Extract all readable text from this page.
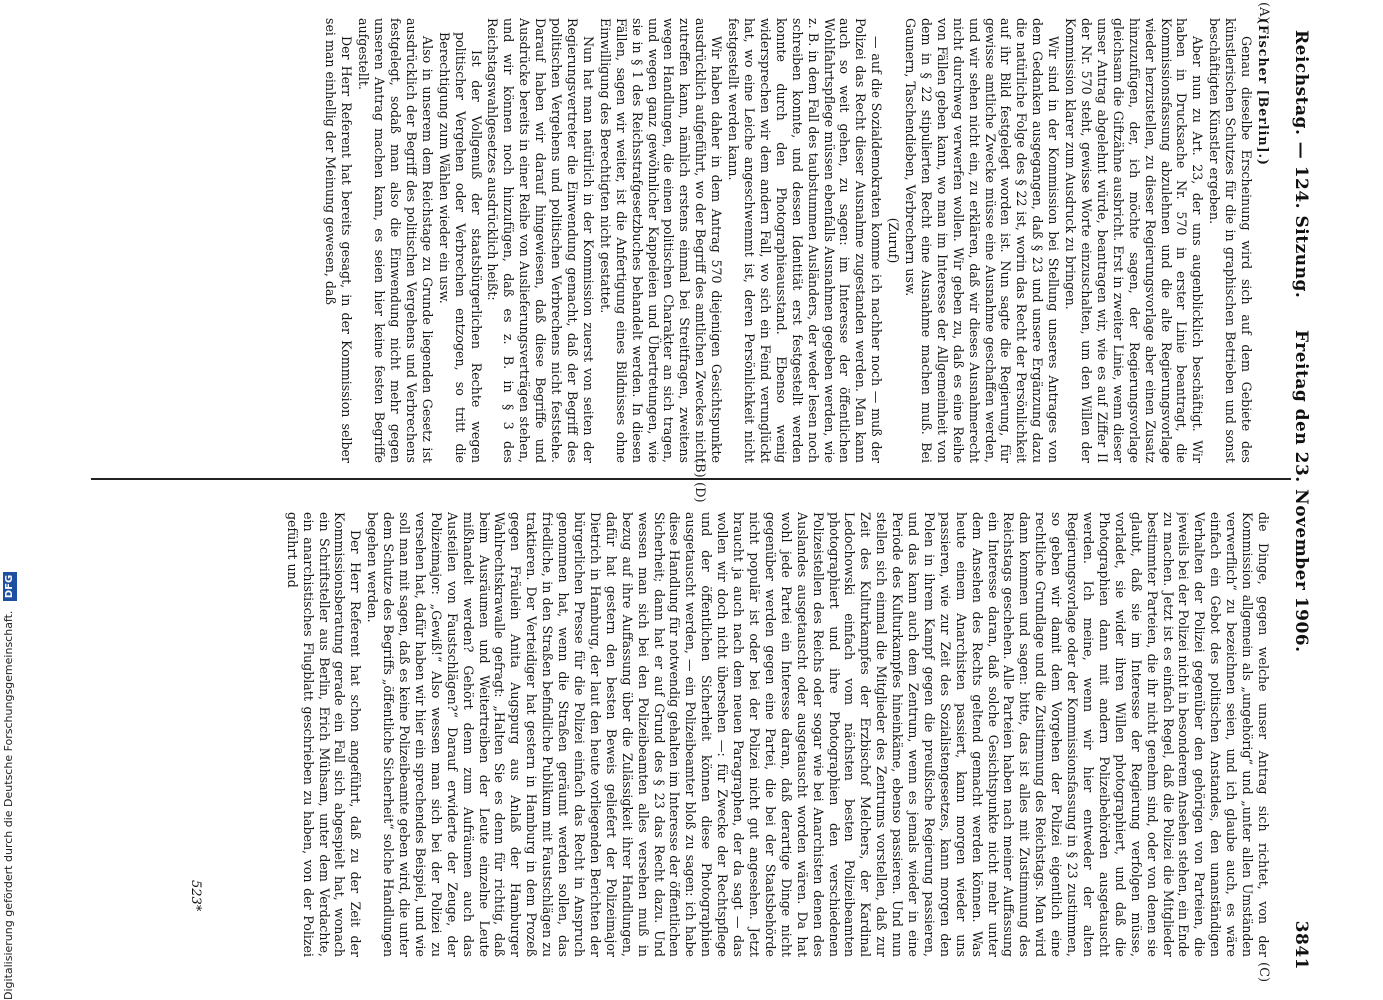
Reichstag. — 124. Sitzung.
Freitag den 23. November 1906.
3841
(A)
(B)
(C)
(D)

(Fischer [Berlin].)

Genau dieselbe Erscheinung wird sich auf dem Gebiete des künstlerischen Schutzes für die in graphischen Betrieben und sonst beschäftigten Künstler ergeben.

Aber nun zu Art. 23, der uns augenblicklich beschäftigt. Wir haben in Drucksache Nr. 570 in erster Linie beantragt, die Kommissionsfassung abzulehnen und die alte Regierungsvorlage wieder herzustellen, zu dieser Regierungsvorlage aber einen Zusatz hinzuzufügen, der, ich möchte sagen, der Regierungsvorlage gleichsam die Giftzähne ausbricht. Erst in zweiter Linie, wenn dieser unser Antrag abgelehnt würde, beantragen wir, wie es auf Ziffer II der Nr. 570 steht, gewisse Worte einzuschalten, um den Willen der Kommission klarer zum Ausdruck zu bringen.

Wir sind in der Kommission bei Stellung unseres Antrages von dem Gedanken ausgegangen, daß § 23 und unsere Ergänzung dazu die natürliche Folge des § 22 ist, worin das Recht der Persönlichkeit auf ihr Bild festgelegt worden ist. Nun sagte die Regierung, für gewisse amtliche Zwecke müsse eine Ausnahme geschaffen werden, und wir sehen nicht ein, zu erklären, daß wir dieses Ausnahmerecht nicht durchweg verwerfen wollen. Wir geben zu, daß es eine Reihe von Fällen geben kann, wo man im Interesse der Allgemeinheit von dem in § 22 stipulierten Recht eine Ausnahme machen muß. Bei Gaunern, Taschendieben, Verbrechern usw.

(Zuruf)

— auf die Sozialdemokraten komme ich nachher noch — muß der Polizei das Recht dieser Ausnahme zugestanden werden. Man kann auch so weit gehen, zu sagen: im Interesse der öffentlichen Wohlfahrtspflege müssen ebenfalls Ausnahmen gegeben werden, wie z. B. in dem Fall des taubstummen Ausländers, der weder lesen noch schreiben konnte, und dessen Identität erst festgestellt werden konnte durch den Photographieausstand. Ebenso wenig widersprechen wir dem andern Fall, wo sich ein Feind verunglückt hat, wo eine Leiche angeschwemmt ist, deren Persönlichkeit nicht festgestellt werden kann.

Wir haben daher in dem Antrag 570 diejenigen Gesichtspunkte ausdrücklich aufgeführt, wo der Begriff des amtlichen Zweckes nicht zutreffen kann, nämlich erstens einmal bei Streitfragen, zweitens wegen Handlungen, die einen politischen Charakter an sich tragen, und wegen ganz gewöhnlicher Kappeleien und Übertretungen, wie sie in § 1 des Reichsstrafgesetzbuches behandelt werden. In diesen Fällen, sagen wir weiter, ist die Anfertigung eines Bildnisses ohne Einwilligung des Berechtigten nicht gestattet.

Nun hat man natürlich in der Kommission zuerst von seiten der Regierungsvertreter die Einwendung gemacht, daß der Begriff des politischen Vergehens und politischen Verbrechens nicht feststehe. Darauf haben wir darauf hingewiesen, daß diese Begriffe und Ausdrücke bereits in einer Reihe von Auslieferungsverträgen stehen, und wir können noch hinzufügen, daß es z. B. in § 3 des Reichstagswahlgesetzes ausdrücklich heißt:

Ist der Vollgenuß der staatsbürgerlichen Rechte wegen politischer Vergehen oder Verbrechen entzogen, so tritt die Berechtigung zum Wählen wieder ein usw.

Also in unserem dem Reichstage zu Grunde liegenden Gesetz ist ausdrücklich der Begriff des politischen Vergehens und Verbrechens festgelegt, sodaß man also die Einwendung nicht mehr gegen unseren Antrag machen kann, es seien hier keine festen Begriffe aufgestellt.

Der Herr Referent hat bereits gesagt, in der Kommission selber sei man einhellig der Meinung gewesen, daß

die Dinge, gegen welche unser Antrag sich richtet, von der Kommission allgemein als „ungehörig“ und „unter allen Umständen verwerflich“ zu bezeichnen seien, und ich glaube auch, es wäre einfach ein Gebot des politischen Anstandes, den unanständigen Verhalten der Polizei gegenüber den gehörigen von Parteien, die jeweils bei der Polizei nicht in besonderem Ansehen stehen, ein Ende zu machen. Jetzt ist es einfach Regel, daß die Polizei die Mitglieder bestimmter Parteien, die ihr nicht genehm sind, oder von denen sie glaubt, daß sie im Interesse der Regierung verfolgen müsse, vorladet, sie wider ihren Willen photographiert, und daß die Photographien dann mit andern Polizeibehörden ausgetauscht werden. Ich meine, wenn wir hier entweder der alten Regierungsvorlage oder der Kommissionsfassung in § 23 zustimmen, so geben wir damit dem Vorgehen der Polizei eigentlich eine rechtliche Grundlage und die Zustimmung des Reichstags. Man wird dann kommen und sagen: bitte, das ist alles mit Zustimmung des Reichstags geschehen. Alle Parteien haben nach meiner Auffassung ein Interesse daran, daß solche Gesichtspunkte nicht mehr unter dem Ansehen des Rechts geltend gemacht werden können. Was heute einem Anarchisten passiert, kann morgen wieder uns passieren, wie zur Zeit des Sozialistengesetzes, kann morgen den Polen in ihrem Kampf gegen die preußische Regierung passieren, und das kann auch dem Zentrum, wenn es jemals wieder in eine Periode des Kulturkampfes hineinkäme, ebenso passieren. Und nun stellen sich einmal die Mitglieder des Zentrums vorstellen, daß zur Zeit des Kulturkampfes der Erzbischof Melchers, der Kardinal Ledochowski einfach vom nächsten besten Polizeibeamten photographiert und ihre Photographien den verschiedenen Polizeistellen des Reichs oder sogar wie bei Anarchisten denen des Auslandes ausgetauscht oder ausgetauscht worden wären. Da hat wohl jede Partei ein Interesse daran, daß derartige Dinge nicht gegenüber werden gegen eine Partei, die bei der Staatsbehörde nicht populär ist oder bei der Polizei nicht gut angesehen. Jetzt braucht ja auch nach dem neuen Paragraphen, der da sagt — das wollen wir doch nicht übersehen —: für Zwecke der Rechtspflege und der öffentlichen Sicherheit können diese Photographien ausgetauscht werden, — ein Polizeibeamter bloß zu sagen: ich habe diese Handlung für notwendig gehalten im Interesse der öffentlichen Sicherheit; dann hat er auf Grund des § 23 das Recht dazu. Und wessen man sich bei den Polizeibeamten alles versehen muß in bezug auf ihre Auffassung über die Zulässigkeit ihrer Handlungen, dafür hat gestern den besten Beweis geliefert der Polizeimajor Dietrich in Hamburg, der laut den heute vorliegenden Berichten der bürgerlichen Presse für die Polizei einfach das Recht in Anspruch genommen hat, wenn die Straßen geräumt werden sollen, das friedliche, in den Straßen befindliche Publikum mit Faustschlägen zu traktieren. Der Verteidiger hat gestern in Hamburg in dem Prozeß gegen Fräulein Anita Augspurg aus Anlaß der Hamburger Wahlrechtskrawalle gefragt: „Halten Sie es denn für richtig, daß beim Ausräumen und Weitertreiben der Leute einzelne Leute mißhandelt werden? Gehört denn zum Aufräumen auch das Austeilen von Faustschlägen?“ Darauf erwiderte der Zeuge, der Polizeimajor: „Gewiß!“ Also wessen man sich bei der Polizei zu versehen hat, dafür haben wir hier ein sprechendes Beispiel, und wie soll man mit sagen, daß es keine Polizeibeamte geben wird, die unter dem Schutze des Begriffs „öffentliche Sicherheit“ solche Handlungen begehen werden.

Der Herr Referent hat schon angeführt, daß zu der Zeit der Kommissionsberatung gerade ein Fall sich abgespielt hat, wonach ein Schriftsteller aus Berlin, Erich Mühsam, unter dem Verdachte, ein anarchistisches Flugblatt geschrieben zu haben, von der Polizei geführt und

523*
Digitalisierung gefördert durch die Deutsche Forschungsgemeinschaft. DFG
